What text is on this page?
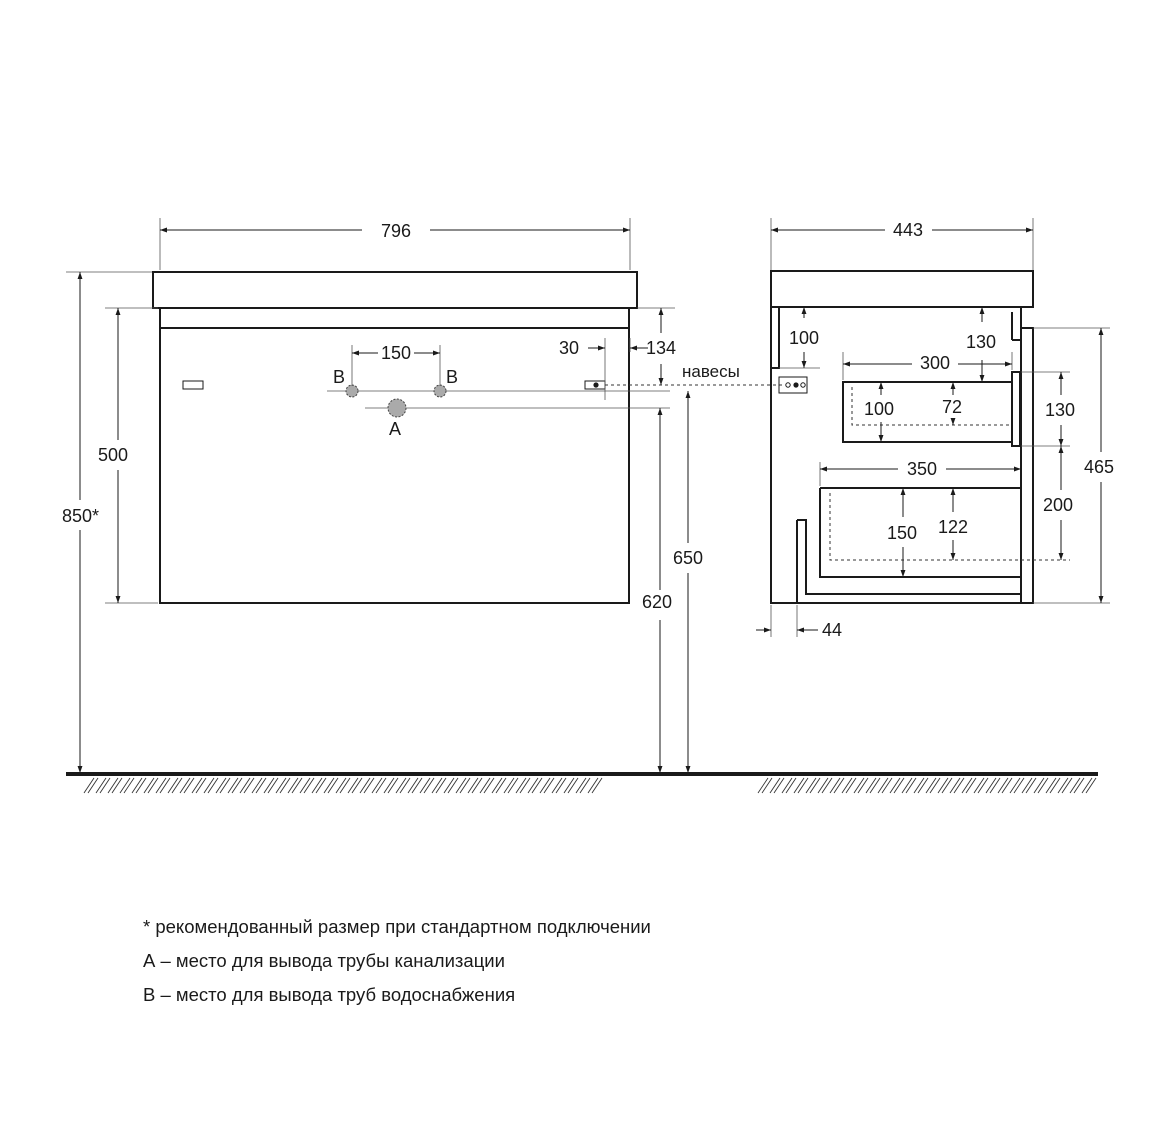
B	B
A
150
796
850*
500
30	134
навесы
620
650
443
100	130
300
100	72	130
465
350
200
150 122
44
* рекомендованный размер при стандартном подключении
А – место для вывода трубы канализации
В – место для вывода труб водоснабжения
